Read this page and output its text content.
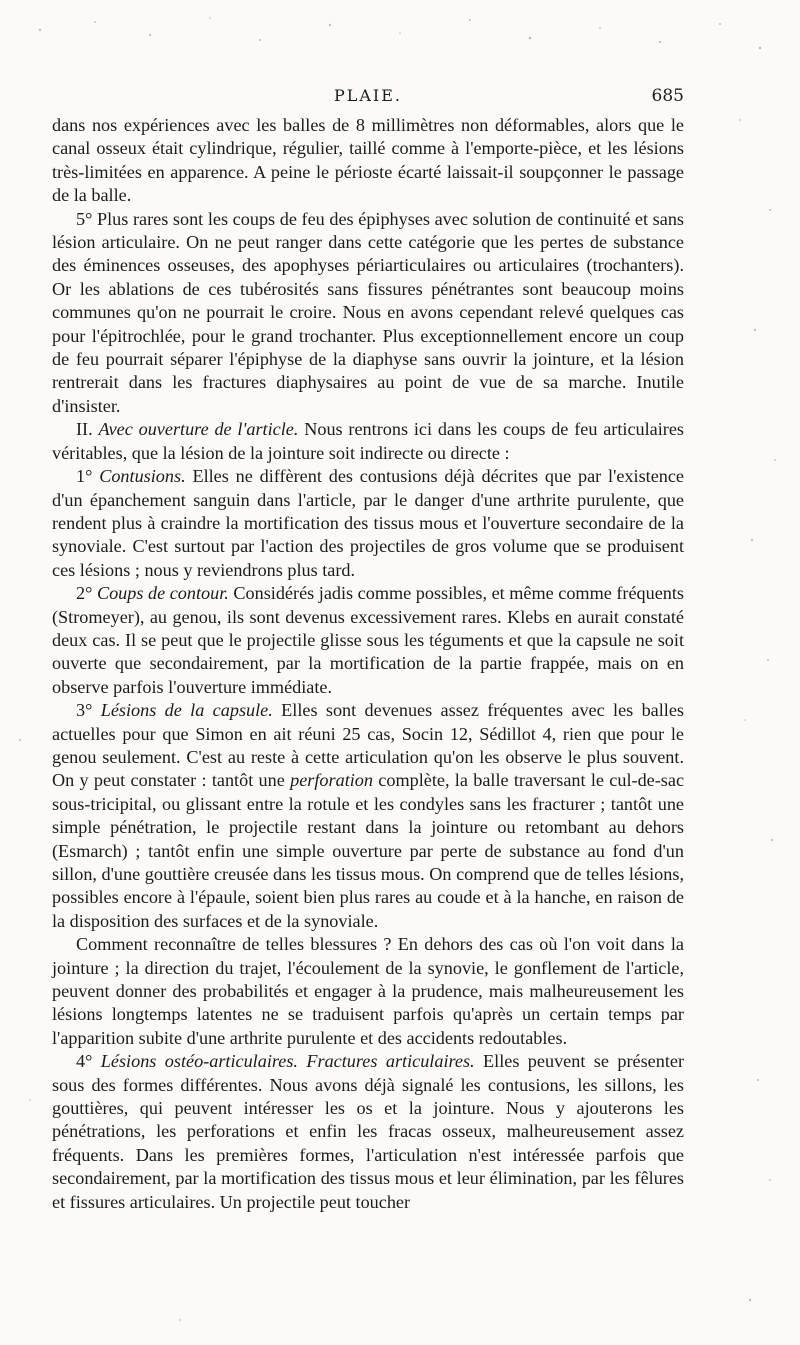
PLAIE.	685

dans nos expériences avec les balles de 8 millimètres non déformables, alors que le canal osseux était cylindrique, régulier, taillé comme à l'emporte-pièce, et les lésions très-limitées en apparence. A peine le périoste écarté laissait-il soupçonner le passage de la balle.

5° Plus rares sont les coups de feu des épiphyses avec solution de continuité et sans lésion articulaire. On ne peut ranger dans cette catégorie que les pertes de substance des éminences osseuses, des apophyses périarticulaires ou articulaires (trochanters). Or les ablations de ces tubérosités sans fissures pénétrantes sont beaucoup moins communes qu'on ne pourrait le croire. Nous en avons cependant relevé quelques cas pour l'épitrochlée, pour le grand trochanter. Plus exceptionnellement encore un coup de feu pourrait séparer l'épiphyse de la diaphyse sans ouvrir la jointure, et la lésion rentrerait dans les fractures diaphysaires au point de vue de sa marche. Inutile d'insister.

II. Avec ouverture de l'article. Nous rentrons ici dans les coups de feu articulaires véritables, que la lésion de la jointure soit indirecte ou directe :

1° Contusions. Elles ne diffèrent des contusions déjà décrites que par l'existence d'un épanchement sanguin dans l'article, par le danger d'une arthrite purulente, que rendent plus à craindre la mortification des tissus mous et l'ouverture secondaire de la synoviale. C'est surtout par l'action des projectiles de gros volume que se produisent ces lésions ; nous y reviendrons plus tard.

2° Coups de contour. Considérés jadis comme possibles, et même comme fréquents (Stromeyer), au genou, ils sont devenus excessivement rares. Klebs en aurait constaté deux cas. Il se peut que le projectile glisse sous les téguments et que la capsule ne soit ouverte que secondairement, par la mortification de la partie frappée, mais on en observe parfois l'ouverture immédiate.

3° Lésions de la capsule. Elles sont devenues assez fréquentes avec les balles actuelles pour que Simon en ait réuni 25 cas, Socin 12, Sédillot 4, rien que pour le genou seulement. C'est au reste à cette articulation qu'on les observe le plus souvent. On y peut constater : tantôt une perforation complète, la balle traversant le cul-de-sac sous-tricipital, ou glissant entre la rotule et les condyles sans les fracturer ; tantôt une simple pénétration, le projectile restant dans la jointure ou retombant au dehors (Esmarch) ; tantôt enfin une simple ouverture par perte de substance au fond d'un sillon, d'une gouttière creusée dans les tissus mous. On comprend que de telles lésions, possibles encore à l'épaule, soient bien plus rares au coude et à la hanche, en raison de la disposition des surfaces et de la synoviale.

Comment reconnaître de telles blessures ? En dehors des cas où l'on voit dans la jointure ; la direction du trajet, l'écoulement de la synovie, le gonflement de l'article, peuvent donner des probabilités et engager à la prudence, mais malheureusement les lésions longtemps latentes ne se traduisent parfois qu'après un certain temps par l'apparition subite d'une arthrite purulente et des accidents redoutables.

4° Lésions ostéo-articulaires. Fractures articulaires. Elles peuvent se présenter sous des formes différentes. Nous avons déjà signalé les contusions, les sillons, les gouttières, qui peuvent intéresser les os et la jointure. Nous y ajouterons les pénétrations, les perforations et enfin les fracas osseux, malheureusement assez fréquents. Dans les premières formes, l'articulation n'est intéressée parfois que secondairement, par la mortification des tissus mous et leur élimination, par les fêlures et fissures articulaires. Un projectile peut toucher
